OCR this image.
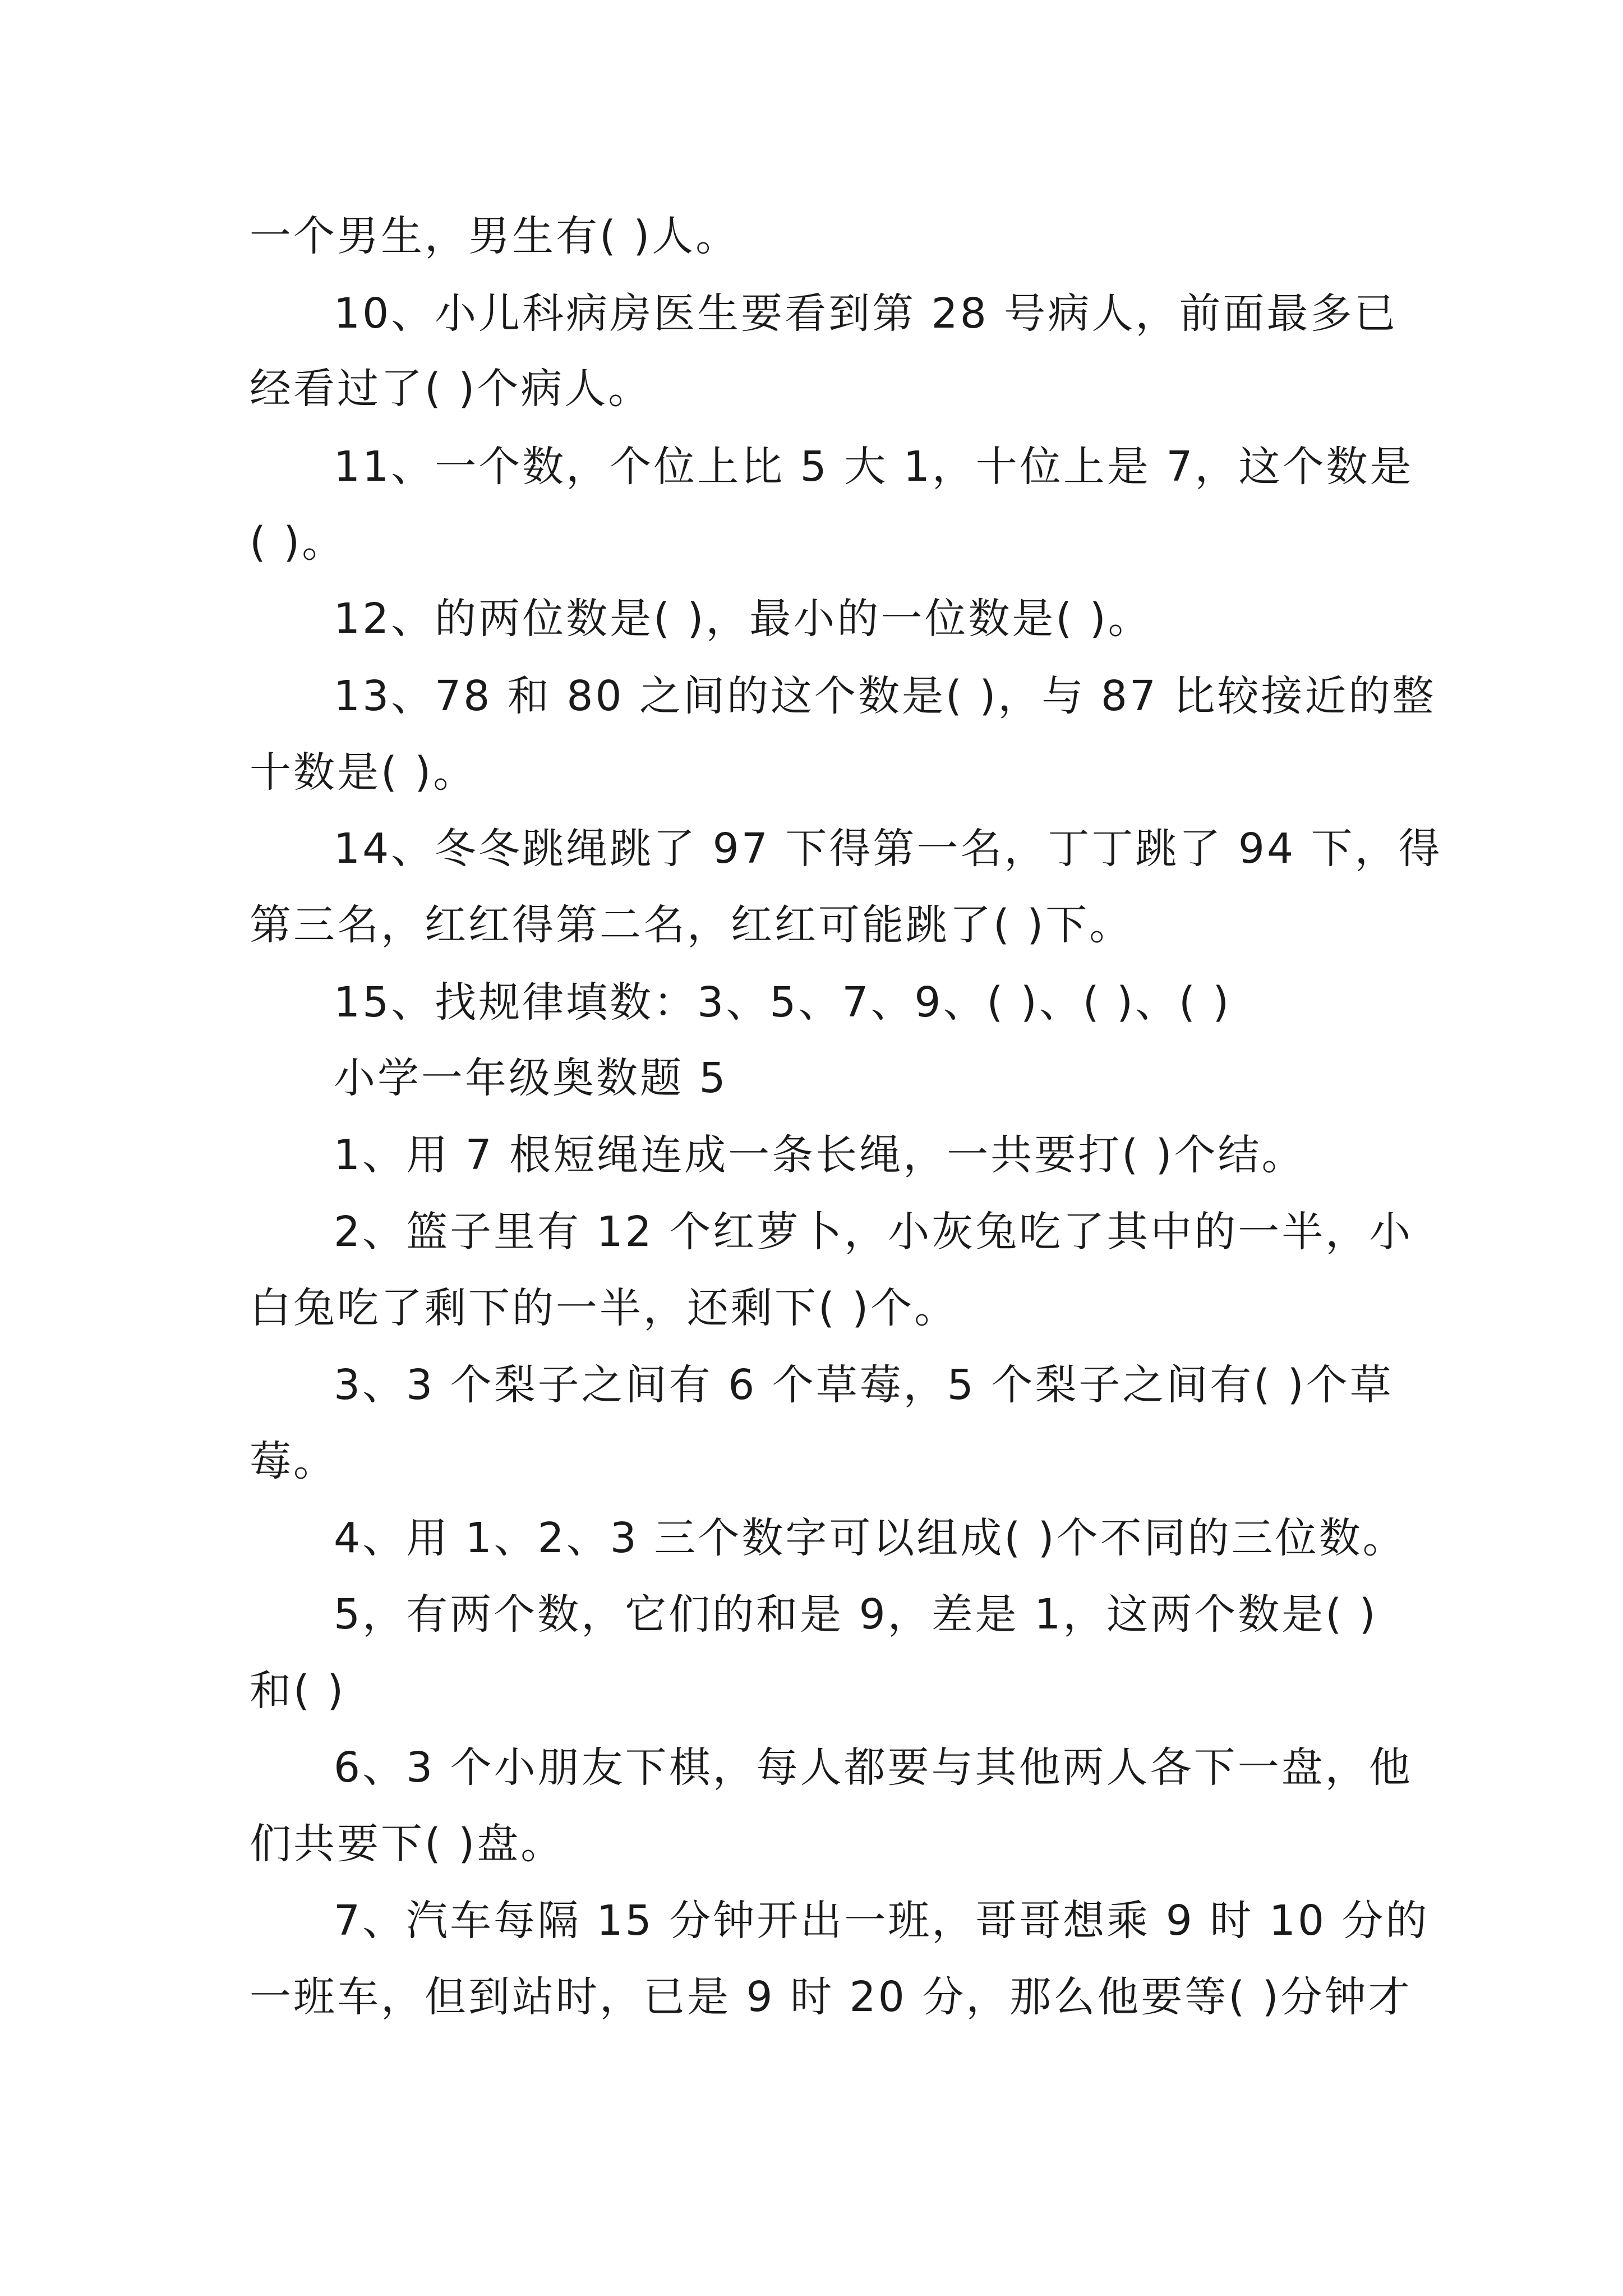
一个男生，男生有( )人。
10、小儿科病房医生要看到第 28 号病人，前面最多已
经看过了( )个病人。
11、一个数，个位上比 5 大 1，十位上是 7，这个数是
( )。
12、的两位数是( )，最小的一位数是( )。
13、78 和 80 之间的这个数是( )，与 87 比较接近的整
十数是( )。
14、冬冬跳绳跳了 97 下得第一名，丁丁跳了 94 下，得
第三名，红红得第二名，红红可能跳了( )下。
15、找规律填数：3、5、7、9、( )、( )、( )
小学一年级奥数题 5
1、用 7 根短绳连成一条长绳，一共要打( )个结。
2、篮子里有 12 个红萝卜，小灰兔吃了其中的一半，小
白兔吃了剩下的一半，还剩下( )个。
3、3 个梨子之间有 6 个草莓，5 个梨子之间有( )个草
莓。
4、用 1、2、3 三个数字可以组成( )个不同的三位数。
5，有两个数，它们的和是 9，差是 1，这两个数是( )
和( )
6、3 个小朋友下棋，每人都要与其他两人各下一盘，他
们共要下( )盘。
7、汽车每隔 15 分钟开出一班，哥哥想乘 9 时 10 分的
一班车，但到站时，已是 9 时 20 分，那么他要等( )分钟才
